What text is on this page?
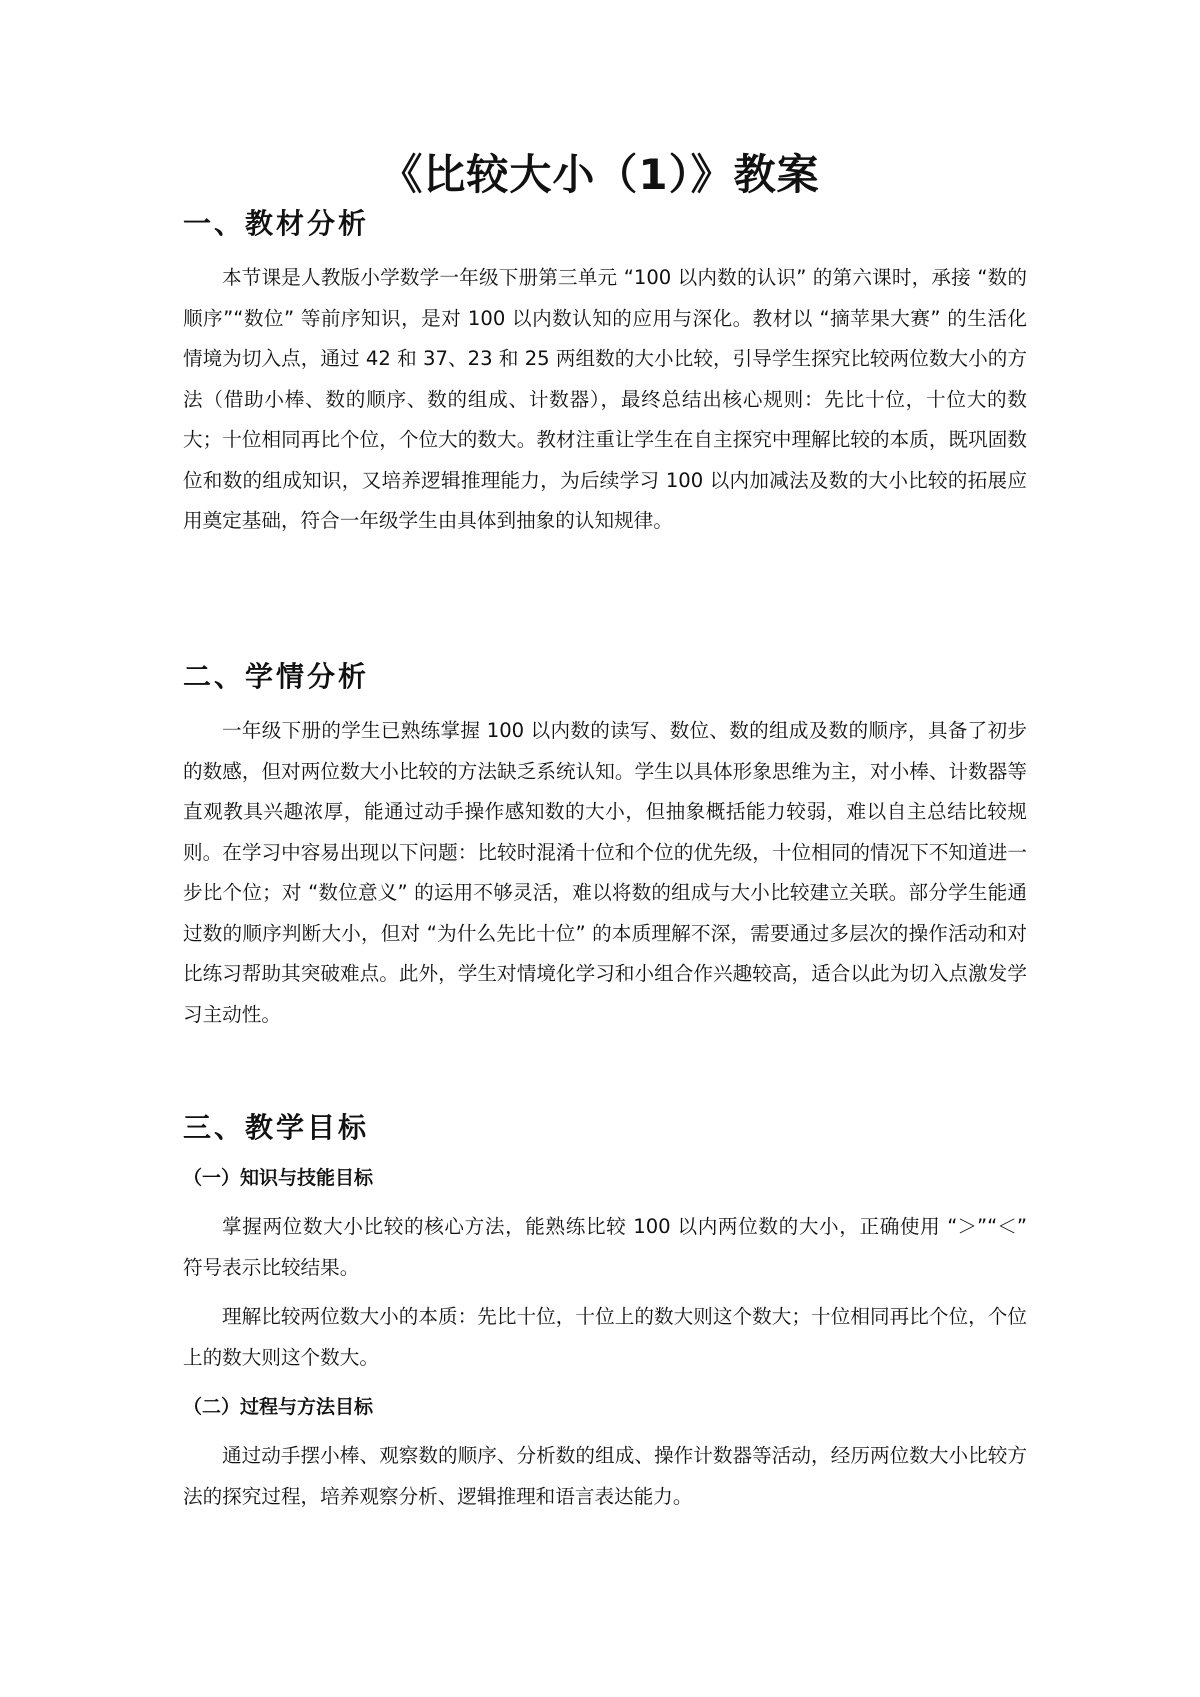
《比较大小（1）》教案
一、教材分析

本节课是人教版小学数学一年级下册第三单元 “100 以内数的认识” 的第六课时，承接 “数的顺序”“数位” 等前序知识，是对 100 以内数认知的应用与深化。教材以 “摘苹果大赛” 的生活化情境为切入点，通过 42 和 37、23 和 25 两组数的大小比较，引导学生探究比较两位数大小的方法（借助小棒、数的顺序、数的组成、计数器），最终总结出核心规则：先比十位，十位大的数大；十位相同再比个位，个位大的数大。教材注重让学生在自主探究中理解比较的本质，既巩固数位和数的组成知识，又培养逻辑推理能力，为后续学习 100 以内加减法及数的大小比较的拓展应用奠定基础，符合一年级学生由具体到抽象的认知规律。

二、学情分析

一年级下册的学生已熟练掌握 100 以内数的读写、数位、数的组成及数的顺序，具备了初步的数感，但对两位数大小比较的方法缺乏系统认知。学生以具体形象思维为主，对小棒、计数器等直观教具兴趣浓厚，能通过动手操作感知数的大小，但抽象概括能力较弱，难以自主总结比较规则。在学习中容易出现以下问题：比较时混淆十位和个位的优先级，十位相同的情况下不知道进一步比个位；对 “数位意义” 的运用不够灵活，难以将数的组成与大小比较建立关联。部分学生能通过数的顺序判断大小，但对 “为什么先比十位” 的本质理解不深，需要通过多层次的操作活动和对比练习帮助其突破难点。此外，学生对情境化学习和小组合作兴趣较高，适合以此为切入点激发学习主动性。

三、教学目标
（一）知识与技能目标

掌握两位数大小比较的核心方法，能熟练比较 100 以内两位数的大小，正确使用 “＞”“＜” 符号表示比较结果。

理解比较两位数大小的本质：先比十位，十位上的数大则这个数大；十位相同再比个位，个位上的数大则这个数大。

（二）过程与方法目标

通过动手摆小棒、观察数的顺序、分析数的组成、操作计数器等活动，经历两位数大小比较方法的探究过程，培养观察分析、逻辑推理和语言表达能力。
